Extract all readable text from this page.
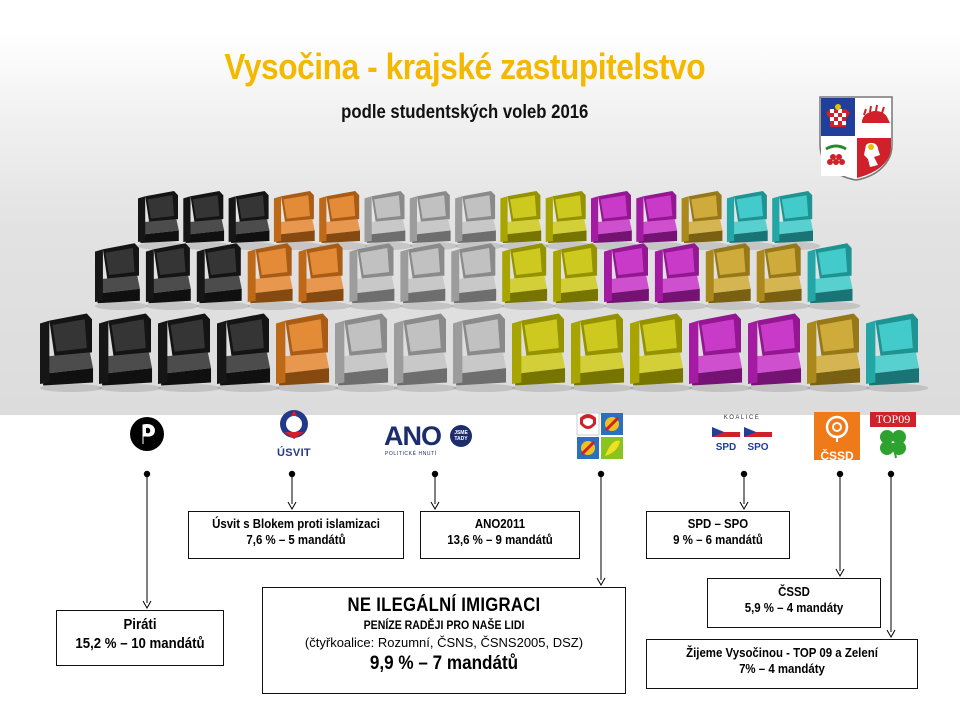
Vysočina - krajské zastupitelstvo
podle studentských voleb 2016
ÚSVIT
ANO	JSME TADY
POLITICKÉ HNUTÍ
KOALICE
SPD	SPO
ČSSD
TOP09
Piráti
15,2 % – 10 mandátů
Úsvit s Blokem proti islamizaci
7,6 % – 5 mandátů
ANO2011
13,6 % – 9 mandátů
SPD – SPO
9 % – 6 mandátů
ČSSD
5,9 % – 4 mandáty
Žijeme Vysočinou - TOP 09 a Zelení
7% – 4 mandáty
NE ILEGÁLNÍ IMIGRACI
PENÍZE RADĚJI PRO NAŠE LIDI
(čtyřkoalice: Rozumní, ČSNS, ČSNS2005, DSZ)
9,9 % – 7 mandátů
